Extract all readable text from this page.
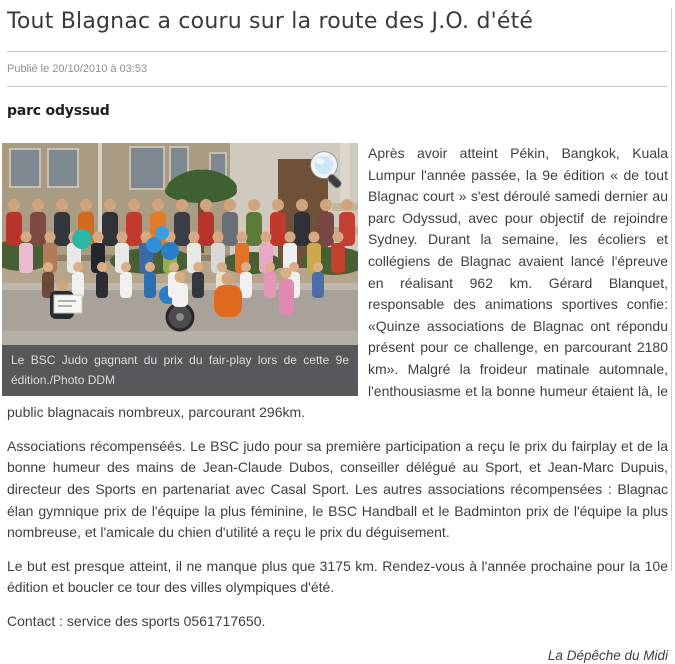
Tout Blagnac a couru sur la route des J.O. d'été
Publié le 20/10/2010 à 03:53
parc odyssud
Le BSC Judo gagnant du prix du fair-play lors de cette 9e édition./Photo DDM

Après avoir atteint Pékin, Bangkok, Kuala Lumpur l'année passée, la 9e édition « de tout Blagnac court » s'est déroulé samedi dernier au parc Odyssud, avec pour objectif de rejoindre Sydney. Durant la semaine, les écoliers et collégiens de Blagnac avaient lancé l'épreuve en réalisant 962 km. Gérard Blanquet, responsable des animations sportives confie: «Quinze associations de Blagnac ont répondu présent pour ce challenge, en parcourant 2180 km». Malgré la froideur matinale automnale, l'enthousiasme et la bonne humeur étaient là, le public blagnacais nombreux, parcourant 296km.

Associations récompenséés. Le BSC judo pour sa première participation a reçu le prix du fairplay et de la bonne humeur des mains de Jean-Claude Dubos, conseiller délégué au Sport, et Jean-Marc Dupuis, directeur des Sports en partenariat avec Casal Sport. Les autres associations récompensées : Blagnac élan gymnique prix de l'équipe la plus féminine, le BSC Handball et le Badminton prix de l'équipe la plus nombreuse, et l'amicale du chien d'utilité a reçu le prix du déguisement.

Le but est presque atteint, il ne manque plus que 3175 km. Rendez-vous à l'année prochaine pour la 10e édition et boucler ce tour des villes olympiques d'été.

Contact : service des sports 0561717650.

La Dépêche du Midi
